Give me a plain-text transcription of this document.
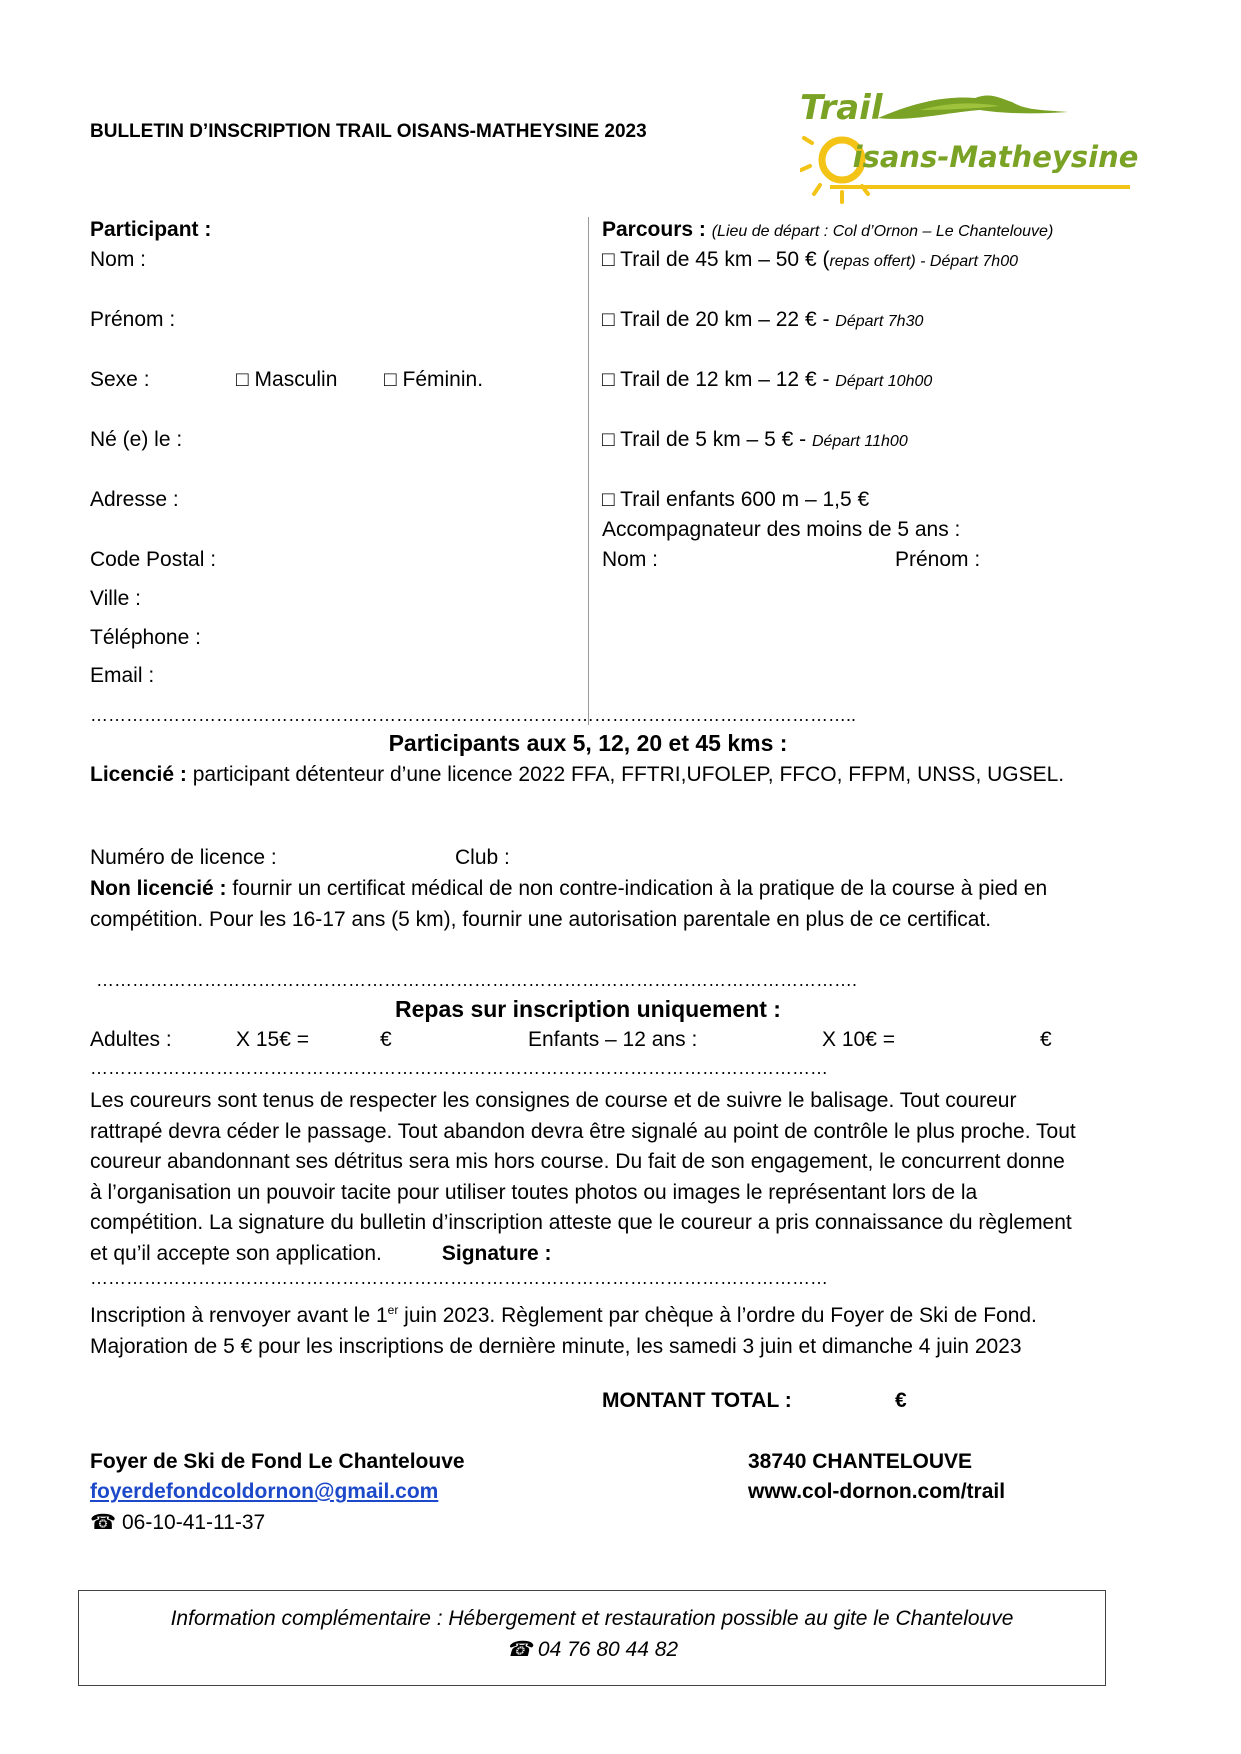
BULLETIN D’INSCRIPTION TRAIL OISANS-MATHEYSINE 2023
Trail
isans-Matheysine
Participant :
Nom :
Prénom :
Sexe :	□ Masculin □ Féminin.
Né (e) le :
Adresse :
Code Postal :
Ville :
Téléphone :
Email :
Parcours : (Lieu de départ : Col d’Ornon – Le Chantelouve)
□ Trail de 45 km – 50 € (repas offert) - Départ 7h00
□ Trail de 20 km – 22 € - Départ 7h30
□ Trail de 12 km – 12 € - Départ 10h00
□ Trail de 5 km – 5 € - Départ 11h00
□ Trail enfants 600 m – 1,5 €
Accompagnateur des moins de 5 ans :
Nom :	Prénom :
………………………………………………………………………………………………………………..
Participants aux 5, 12, 20 et 45 kms :
Licencié : participant détenteur d’une licence 2022 FFA, FFTRI,UFOLEP, FFCO, FFPM, UNSS, UGSEL.
Numéro de licence :	Club :
Non licencié : fournir un certificat médical de non contre-indication à la pratique de la course à pied en compétition. Pour les 16-17 ans (5 km), fournir une autorisation parentale en plus de ce certificat.
……………………………………………………………………………………………………………….
Repas sur inscription uniquement :
Adultes :	X 15€ =	€	Enfants – 12 ans :	X 10€ =	€
……………………………………………………………………………………………………………
Les coureurs sont tenus de respecter les consignes de course et de suivre le balisage. Tout coureur rattrapé devra céder le passage. Tout abandon devra être signalé au point de contrôle le plus proche. Tout coureur abandonnant ses détritus sera mis hors course. Du fait de son engagement, le concurrent donne à l’organisation un pouvoir tacite pour utiliser toutes photos ou images le représentant lors de la compétition. La signature du bulletin d’inscription atteste que le coureur a pris connaissance du règlement et qu’il accepte son application.	Signature :
……………………………………………………………………………………………………………
Inscription à renvoyer avant le 1er juin 2023. Règlement par chèque à l’ordre du Foyer de Ski de Fond. Majoration de 5 € pour les inscriptions de dernière minute, les samedi 3 juin et dimanche 4 juin 2023
MONTANT TOTAL :	€
Foyer de Ski de Fond Le Chantelouve
foyerdefondcoldornon@gmail.com
☎ 06-10-41-11-37
38740 CHANTELOUVE
www.col-dornon.com/trail
Information complémentaire : Hébergement et restauration possible au gite le Chantelouve
☎ 04 76 80 44 82
